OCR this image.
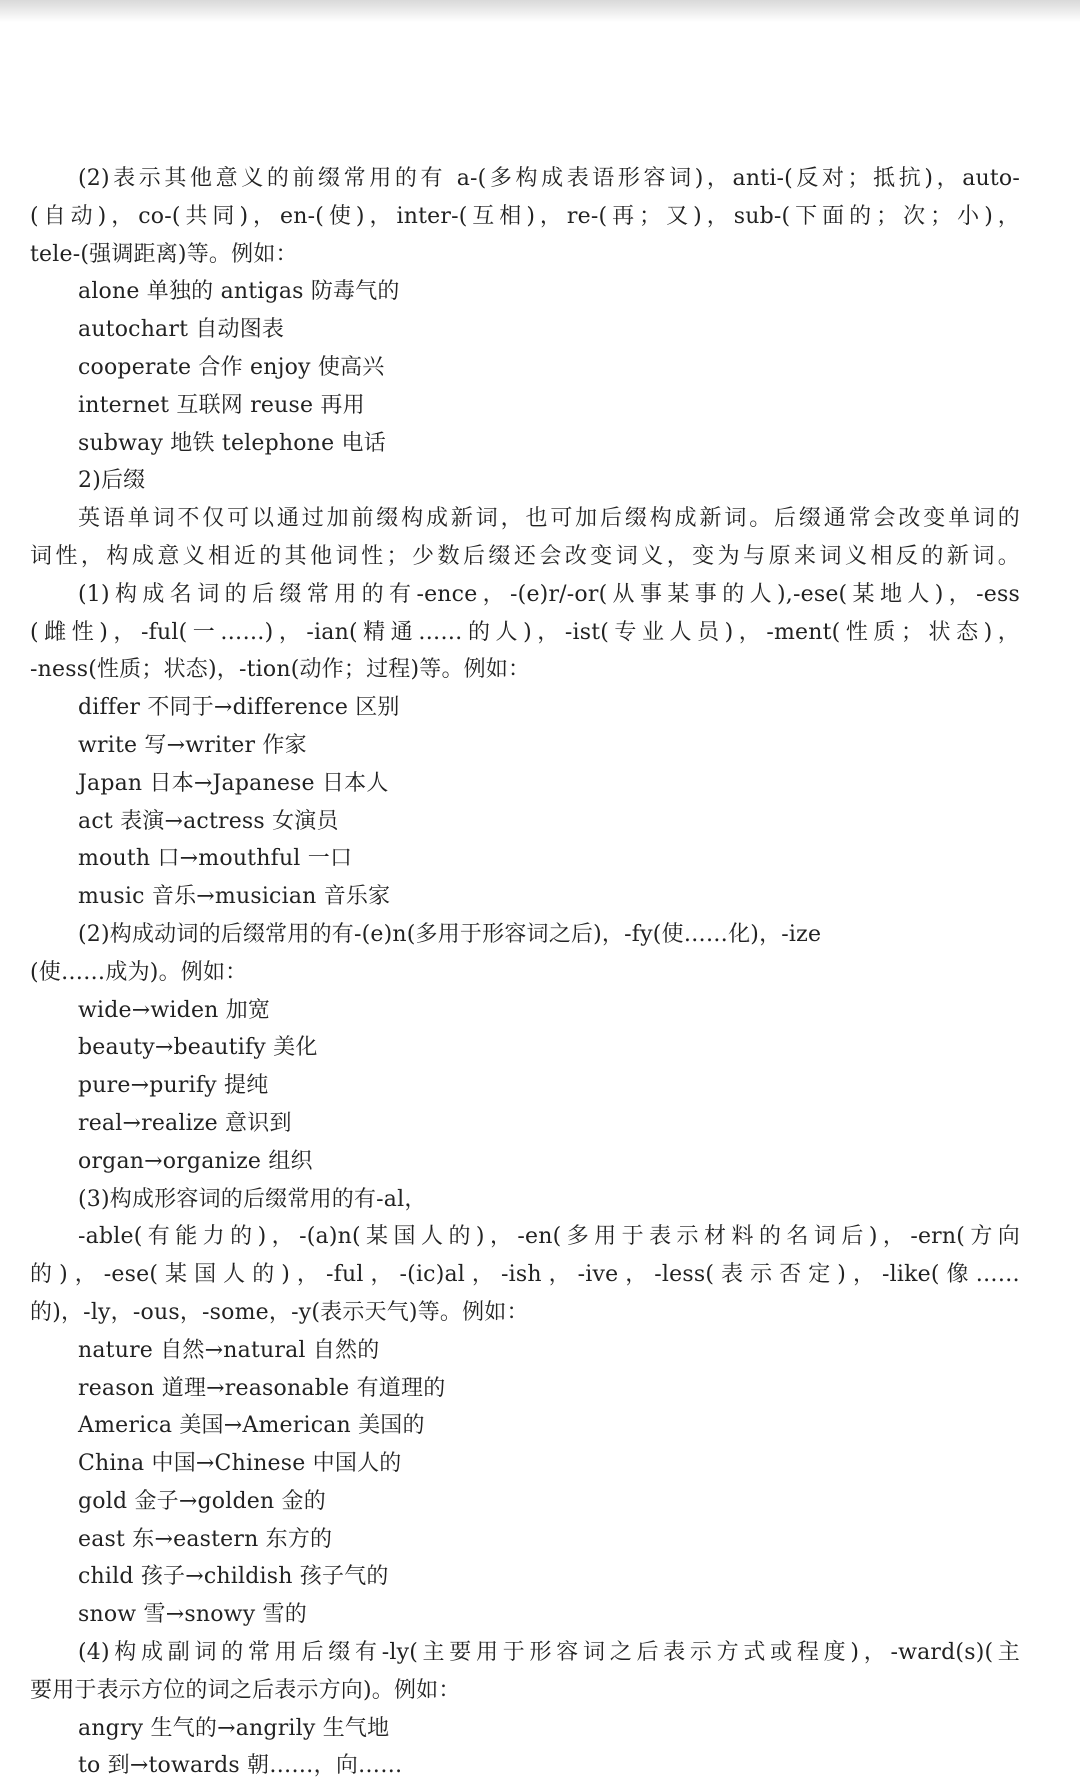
(2)表示其他意义的前缀常用的有 a-(多构成表语形容词)，anti-(反对；抵抗)，auto-
(自动)，co-(共同)，en-(使)，inter-(互相)，re-(再；又)，sub-(下面的；次；小)，
tele-(强调距离)等。例如：
alone 单独的 antigas 防毒气的
autochart 自动图表
cooperate 合作 enjoy 使高兴
internet 互联网 reuse 再用
subway 地铁 telephone 电话
2)后缀
英语单词不仅可以通过加前缀构成新词，也可加后缀构成新词。后缀通常会改变单词的
词性，构成意义相近的其他词性；少数后缀还会改变词义，变为与原来词义相反的新词。
(1)构成名词的后缀常用的有-ence，-(e)r/-or(从事某事的人),-ese(某地人)，-ess
(雌性)，-ful(一……)，-ian(精通……的人)，-ist(专业人员)，-ment(性质；状态)，
-ness(性质；状态)，-tion(动作；过程)等。例如：
differ 不同于→difference 区别
write 写→writer 作家
Japan 日本→Japanese 日本人
act 表演→actress 女演员
mouth 口→mouthful 一口
music 音乐→musician 音乐家
(2)构成动词的后缀常用的有-(e)n(多用于形容词之后)，-fy(使……化)，-ize
(使……成为)。例如：
wide→widen 加宽
beauty→beautify 美化
pure→purify 提纯
real→realize 意识到
organ→organize 组织
(3)构成形容词的后缀常用的有-al，
-able(有能力的)，-(a)n(某国人的)，-en(多用于表示材料的名词后)，-ern(方向
的)，-ese(某国人的)，-ful，-(ic)al，-ish，-ive，-less(表示否定)，-like(像……
的)，-ly，-ous，-some，-y(表示天气)等。例如：
nature 自然→natural 自然的
reason 道理→reasonable 有道理的
America 美国→American 美国的
China 中国→Chinese 中国人的
gold 金子→golden 金的
east 东→eastern 东方的
child 孩子→childish 孩子气的
snow 雪→snowy 雪的
(4)构成副词的常用后缀有-ly(主要用于形容词之后表示方式或程度)，-ward(s)(主
要用于表示方位的词之后表示方向)。例如：
angry 生气的→angrily 生气地
to 到→towards 朝……，向……
